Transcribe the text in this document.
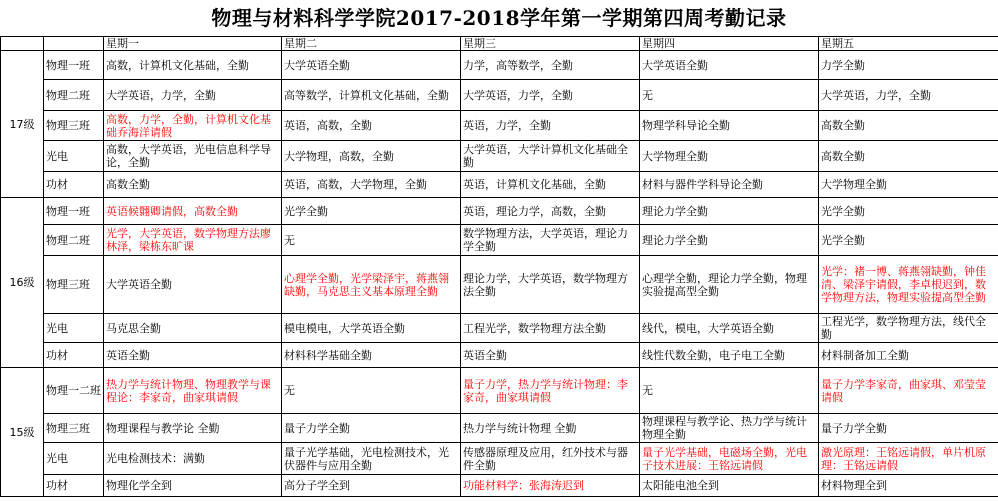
物理与材料科学学院2017-2018学年第一学期第四周考勤记录
		星期一	星期二	星期三	星期四	星期五
17级	物理一班	高数，计算机文化基础，全勤	大学英语全勤	力学，高等数学，全勤	大学英语全勤	力学全勤
	物理二班	大学英语，力学，全勤	高等数学，计算机文化基础，全勤	大学英语，力学，全勤	无	大学英语，力学，全勤
	物理三班	高数，力学，全勤，计算机文化基础乔海洋请假	英语，高数，全勤	英语，力学，全勤	物理学科导论全勤	高数全勤
	光电	高数，大学英语，光电信息科学导论，全勤	大学物理，高数，全勤	大学英语，大学计算机文化基础全勤	大学物理全勤	高数全勤
	功材	高数全勤	英语，高数，大学物理，全勤	英语，计算机文化基础，全勤	材料与器件学科导论全勤	大学物理全勤
16级	物理一班	英语候翾卿请假，高数全勤	光学全勤	英语，理论力学，高数，全勤	理论力学全勤	光学全勤
	物理二班	光学，大学英语，数学物理方法廖林泽，梁栋东旷课	无	数学物理方法，大学英语，理论力学全勤	理论力学全勤	光学全勤
	物理三班	大学英语全勤	心理学全勤，光学梁泽宇，蒋燕翎缺勤，马克思主义基本原理全勤	理论力学，大学英语，数学物理方法全勤	心理学全勤，理论力学全勤，物理实验提高型全勤	光学：褚一博、蒋燕翎缺勤，钟佳清、梁泽宇请假，李卓根迟到，数学物理方法，物理实验提高型全勤
	光电	马克思全勤	模电模电，大学英语全勤	工程光学，数学物理方法全勤	线代，模电，大学英语全勤	工程光学，数学物理方法，线代全勤
	功材	英语全勤	材料科学基础全勤	英语全勤	线性代数全勤，电子电工全勤	材料制备加工全勤
15级	物理一二班	热力学与统计物理、物理教学与课程论：李家奇，曲家琪请假	无	量子力学，热力学与统计物理：李家奇，曲家琪请假	无	量子力学李家奇，曲家琪、邓莹莹请假
	物理三班	物理课程与教学论 全勤	量子力学全勤	热力学与统计物理 全勤	物理课程与教学论、热力学与统计物理全勤	量子力学全勤
	光电	光电检测技术：满勤	量子光学基础，光电检测技术，光伏器件与应用全勤	传感器原理及应用，红外技术与器件全勤	量子光学基础，电磁场全勤，光电子技术进展：王铭远请假	激光原理：王铭远请假，单片机原理：王铭远请假
	功材	物理化学全到	高分子学全到	功能材料学：张海涛迟到	太阳能电池全到	材料物理全到
